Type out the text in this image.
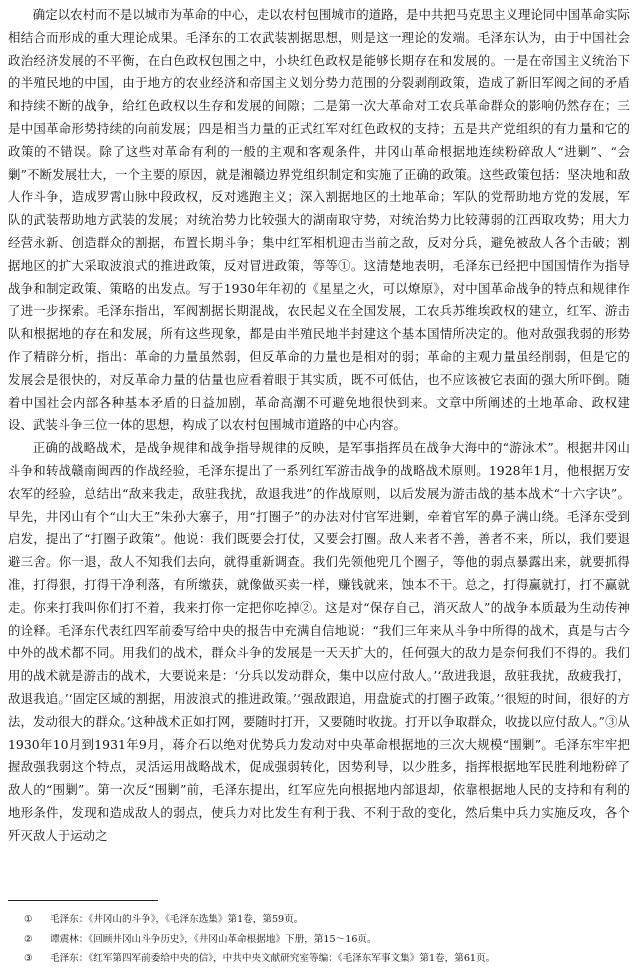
确定以农村而不是以城市为革命的中心，走以农村包围城市的道路，是中共把马克思主义理论同中国革命实际相结合而形成的重大理论成果。毛泽东的工农武装割据思想，则是这一理论的发端。毛泽东认为，由于中国社会政治经济发展的不平衡，在白色政权包围之中，小块红色政权是能够长期存在和发展的。一是在帝国主义统治下的半殖民地的中国，由于地方的农业经济和帝国主义划分势力范围的分裂剥削政策，造成了新旧军阀之间的矛盾和持续不断的战争，给红色政权以生存和发展的间隙；二是第一次大革命对工农兵革命群众的影响仍然存在；三是中国革命形势持续的向前发展；四是相当力量的正式红军对红色政权的支持；五是共产党组织的有力量和它的政策的不错误。除了这些对革命有利的一般的主观和客观条件，井冈山革命根据地连续粉碎敌人“进剿”、“会剿”不断发展壮大，一个主要的原因，就是湘赣边界党组织制定和实施了正确的政策。这些政策包括：坚决地和敌人作斗争，造成罗霄山脉中段政权，反对逃跑主义；深入割据地区的土地革命；军队的党帮助地方党的发展，军队的武装帮助地方武装的发展；对统治势力比较强大的湖南取守势，对统治势力比较薄弱的江西取攻势；用大力经营永新、创造群众的割据，布置长期斗争；集中红军相机迎击当前之敌，反对分兵，避免被敌人各个击破；割据地区的扩大采取波浪式的推进政策，反对冒进政策，等等①。这清楚地表明，毛泽东已经把中国国情作为指导战争和制定政策、策略的出发点。写于1930年年初的《星星之火，可以燎原》，对中国革命战争的特点和规律作了进一步探索。毛泽东指出，军阀割据长期混战，农民起义在全国发展，工农兵苏维埃政权的建立，红军、游击队和根据地的存在和发展，所有这些现象，都是由半殖民地半封建这个基本国情所决定的。他对敌强我弱的形势作了精辟分析，指出：革命的力量虽然弱，但反革命的力量也是相对的弱；革命的主观力量虽经削弱，但是它的发展会是很快的，对反革命力量的估量也应看着眼于其实质，既不可低估，也不应该被它表面的强大所吓倒。随着中国社会内部各种基本矛盾的日益加剧，革命高潮不可避免地很快到来。文章中所阐述的土地革命、政权建设、武装斗争三位一体的思想，构成了以农村包围城市道路的中心内容。

正确的战略战术，是战争规律和战争指导规律的反映，是军事指挥员在战争大海中的“游泳术”。根据井冈山斗争和转战赣南闽西的作战经验，毛泽东提出了一系列红军游击战争的战略战术原则。1928年1月，他根据万安农军的经验，总结出“敌来我走，敌驻我扰，敌退我进”的作战原则，以后发展为游击战的基本战术“十六字诀”。早先，井冈山有个“山大王”朱孙大寨子，用“打圈子”的办法对付官军进剿，牵着官军的鼻子满山绕。毛泽东受到启发，提出了“打圈子政策”。他说：我们既要会打仗，又要会打圈。敌人来者不善，善者不来，所以，我们要退避三舍。你一退，敌人不知我们去向，就得重新调查。我们先领他兜几个圈子，等他的弱点暴露出来，就要抓得准，打得狠，打得干净利落，有所缴获，就像做买卖一样，赚钱就来，蚀本不干。总之，打得赢就打，打不赢就走。你来打我叫你们打不着，我来打你一定把你吃掉②。这是对“保存自己，消灭敌人”的战争本质最为生动传神的诠释。毛泽东代表红四军前委写给中央的报告中充满自信地说：“我们三年来从斗争中所得的战术，真是与古今中外的战术都不同。用我们的战术，群众斗争的发展是一天天扩大的，任何强大的敌力是奈何我们不得的。我们用的战术就是游击的战术，大要说来是：‘分兵以发动群众，集中以应付敌人。’‘敌进我退，敌驻我扰，敌疲我打，敌退我追。’‘固定区域的割据，用波浪式的推进政策。’‘强敌跟追，用盘旋式的打圈子政策。’‘很短的时间，很好的方法，发动很大的群众。’这种战术正如打网，要随时打开，又要随时收拢。打开以争取群众，收拢以应付敌人。”③从1930年10月到1931年9月，蒋介石以绝对优势兵力发动对中央革命根据地的三次大规模“围剿”。毛泽东牢牢把握敌强我弱这个特点，灵活运用战略战术，促成强弱转化，因势利导，以少胜多，指挥根据地军民胜利地粉碎了敌人的“围剿”。第一次反“围剿”前，毛泽东提出，红军应先向根据地内部退却，依靠根据地人民的支持和有利的地形条件，发现和造成敌人的弱点，使兵力对比发生有利于我、不利于敌的变化，然后集中兵力实施反攻，各个歼灭敌人于运动之

①	毛泽东：《井冈山的斗争》，《毛泽东选集》第1卷，第59页。
②	谭震林：《回顾井冈山斗争历史》，《井冈山革命根据地》下册，第15～16页。
③	毛泽东：《红军第四军前委给中央的信》，中共中央文献研究室等编：《毛泽东军事文集》第1卷，第61页。
